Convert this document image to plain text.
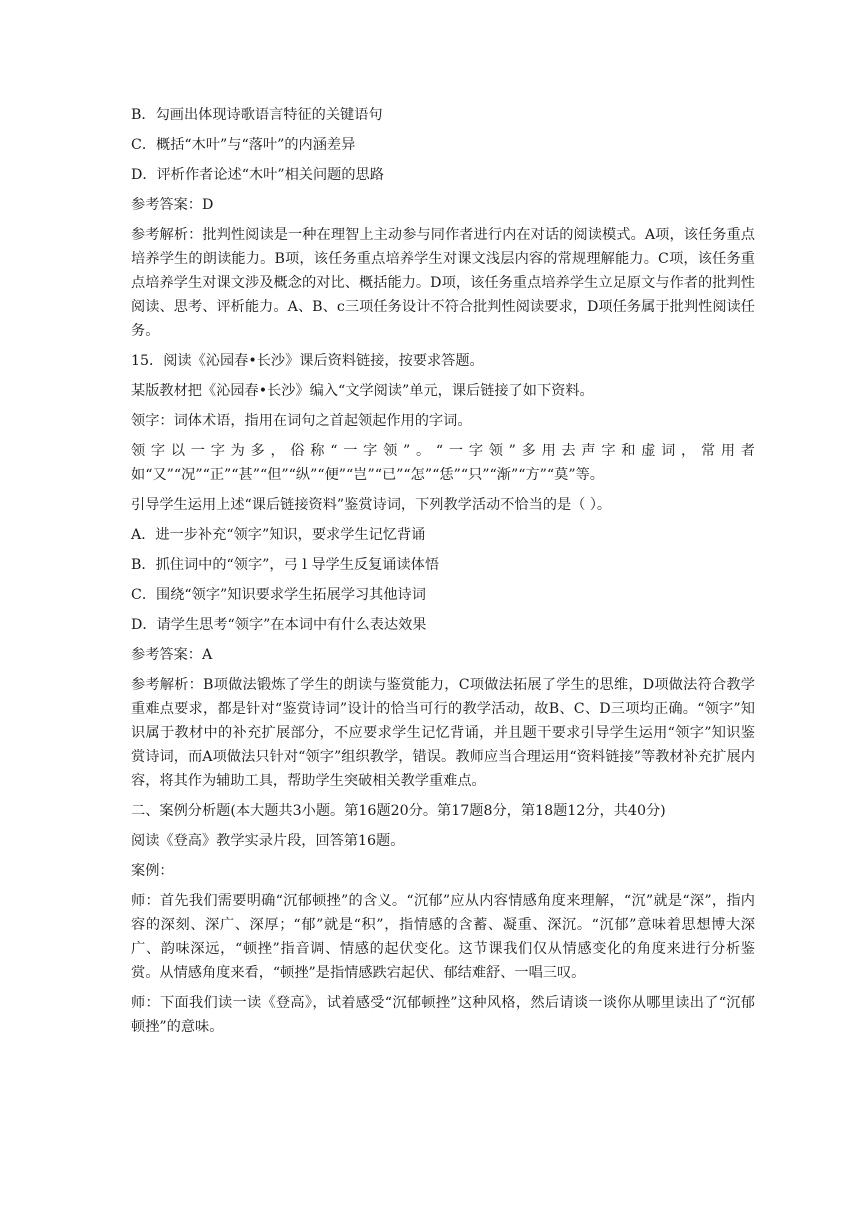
B．勾画出体现诗歌语言特征的关键语句

C．概括“木叶”与“落叶”的内涵差异

D．评析作者论述“木叶”相关问题的思路

参考答案：D

参考解析：批判性阅读是一种在理智上主动参与同作者进行内在对话的阅读模式。A项，该任务重点培养学生的朗读能力。B项，该任务重点培养学生对课文浅层内容的常规理解能力。C项，该任务重点培养学生对课文涉及概念的对比、概括能力。D项，该任务重点培养学生立足原文与作者的批判性阅读、思考、评析能力。A、B、c三项任务设计不符合批判性阅读要求，D项任务属于批判性阅读任务。

15．阅读《沁园春•长沙》课后资料链接，按要求答题。

某版教材把《沁园春•长沙》编入“文学阅读”单元，课后链接了如下资料。

领字：词体术语，指用在词句之首起领起作用的字词。

领字以一字为多，俗称“一字领”。“一字领”多用去声字和虚词，常用者如“又”“况”“正”“甚”“但”“纵”“便”“岂”“已”“怎”“恁”“只”“渐”“方”“莫”等。

引导学生运用上述“课后链接资料”鉴赏诗词，下列教学活动不恰当的是（ ）。

A．进一步补充“领字”知识，要求学生记忆背诵

B．抓住词中的“领字”，弓 l 导学生反复诵读体悟

C．围绕“领字”知识要求学生拓展学习其他诗词

D．请学生思考“领字”在本词中有什么表达效果

参考答案：A

参考解析：B项做法锻炼了学生的朗读与鉴赏能力，C项做法拓展了学生的思维，D项做法符合教学重难点要求，都是针对“鉴赏诗词”设计的恰当可行的教学活动，故B、C、D三项均正确。“领字”知识属于教材中的补充扩展部分，不应要求学生记忆背诵，并且题干要求引导学生运用“领字”知识鉴赏诗词，而A项做法只针对“领字”组织教学，错误。教师应当合理运用“资料链接”等教材补充扩展内容，将其作为辅助工具，帮助学生突破相关教学重难点。

二、案例分析题(本大题共3小题。第16题20分。第17题8分，第18题12分，共40分)

阅读《登高》教学实录片段，回答第16题。

案例：

师：首先我们需要明确“沉郁顿挫”的含义。“沉郁”应从内容情感角度来理解，“沉”就是“深”，指内容的深刻、深广、深厚；“郁”就是“积”，指情感的含蓄、凝重、深沉。“沉郁”意味着思想博大深广、韵味深远，“顿挫”指音调、情感的起伏变化。这节课我们仅从情感变化的角度来进行分析鉴赏。从情感角度来看，“顿挫”是指情感跌宕起伏、郁结难舒、一唱三叹。

师：下面我们读一读《登高》，试着感受“沉郁顿挫”这种风格，然后请谈一谈你从哪里读出了“沉郁顿挫”的意味。
